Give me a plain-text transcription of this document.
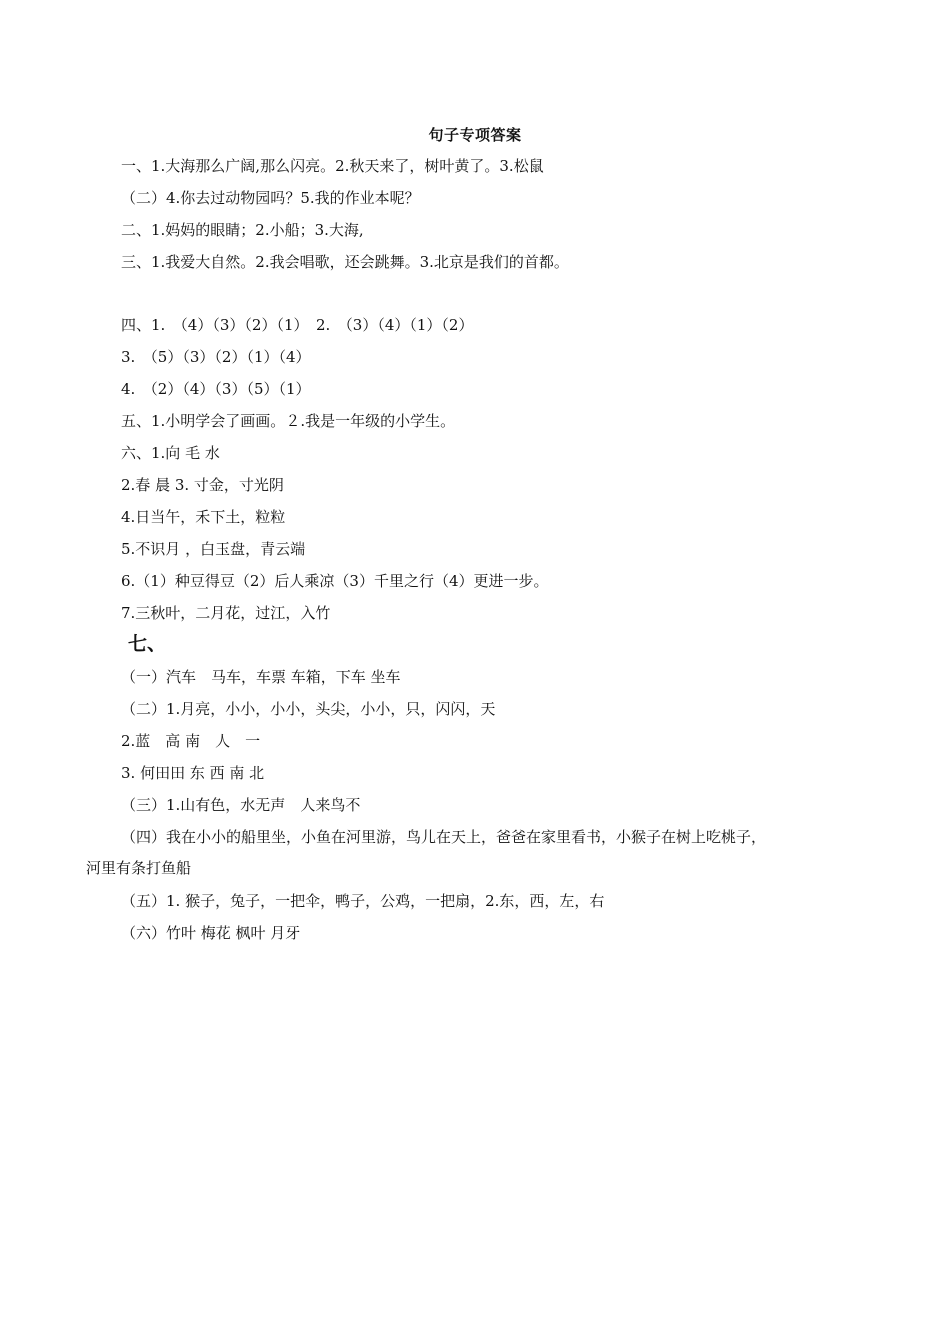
句子专项答案
一、1.大海那么广阔,那么闪亮。2.秋天来了，树叶黄了。3.松鼠
（二）4.你去过动物园吗？5.我的作业本呢？
二、1.妈妈的眼睛；2.小船；3.大海,
三、1.我爱大自然。2.我会唱歌，还会跳舞。3.北京是我们的首都。
四、1.　（4）（3）（2）（1）　2.　（3）（4）（1）（2）
3.　（5）（3）（2）（1）（4）
4.　（2）（4）（3）（5）（1）
五、1.小明学会了画画。２.我是一年级的小学生。
六、1.向 毛 水
2.春 晨 3. 寸金，寸光阴
4.日当午，禾下土，粒粒
5.不识月 ，白玉盘，青云端
6.（1）种豆得豆（2）后人乘凉（3）千里之行（4）更进一步。
7.三秋叶，二月花，过江，入竹
七、
（一）汽车　马车，车票 车箱，下车 坐车
（二）1.月亮，小小，小小，头尖，小小，只，闪闪，天
2.蓝　高 南　人　一
3. 何田田 东 西 南 北
（三）1.山有色，水无声　人来鸟不
（四）我在小小的船里坐，小鱼在河里游，鸟儿在天上，爸爸在家里看书，小猴子在树上吃桃子，
河里有条打鱼船
（五）1. 猴子，兔子，一把伞，鸭子，公鸡，一把扇，2.东，西，左，右
（六）竹叶 梅花 枫叶 月牙
